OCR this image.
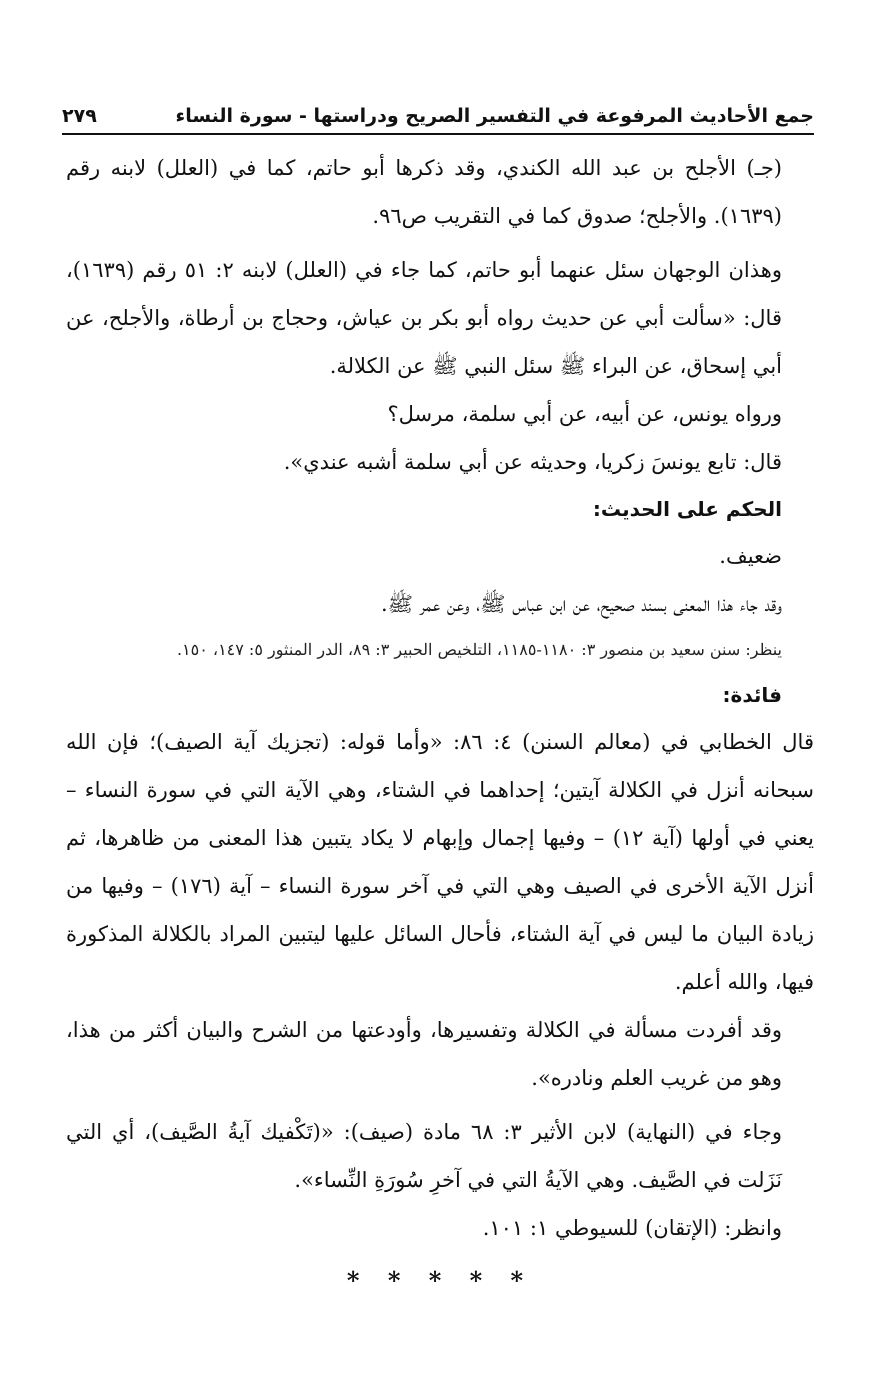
جمع الأحاديث المرفوعة في التفسير الصريح ودراستها - سورة النساء
٢٧٩

(جـ) الأجلح بن عبد الله الكندي، وقد ذكرها أبو حاتم، كما في (العلل) لابنه رقم (١٦٣٩). والأجلح؛ صدوق كما في التقريب ص٩٦.

وهذان الوجهان سئل عنهما أبو حاتم، كما جاء في (العلل) لابنه ٢: ٥١ رقم (١٦٣٩)، قال: «سألت أبي عن حديث رواه أبو بكر بن عياش، وحجاج بن أرطاة، والأجلح، عن أبي إسحاق، عن البراء ﷺ سئل النبي ﷺ عن الكلالة.

ورواه يونس، عن أبيه، عن أبي سلمة، مرسل؟

قال: تابع يونسَ زكريا، وحديثه عن أبي سلمة أشبه عندي».

الحكم على الحديث:

ضعيف.

وقد جاء هذا المعنى بسند صحيح، عن ابن عباس ﷺ، وعن عمر ﷺ.

ينظر: سنن سعيد بن منصور ٣: ١١٨٠-١١٨٥، التلخيص الحبير ٣: ٨٩، الدر المنثور ٥: ١٤٧، ١٥٠.

فائدة:

قال الخطابي في (معالم السنن) ٤: ٨٦: «وأما قوله: (تجزيك آية الصيف)؛ فإن الله سبحانه أنزل في الكلالة آيتين؛ إحداهما في الشتاء، وهي الآية التي في سورة النساء – يعني في أولها (آية ١٢) – وفيها إجمال وإبهام لا يكاد يتبين هذا المعنى من ظاهرها، ثم أنزل الآية الأخرى في الصيف وهي التي في آخر سورة النساء – آية (١٧٦) – وفيها من زيادة البيان ما ليس في آية الشتاء، فأحال السائل عليها ليتبين المراد بالكلالة المذكورة فيها، والله أعلم.

وقد أفردت مسألة في الكلالة وتفسيرها، وأودعتها من الشرح والبيان أكثر من هذا، وهو من غريب العلم ونادره».

وجاء في (النهاية) لابن الأثير ٣: ٦٨ مادة (صيف): «(تَكْفيك آيةُ الصَّيف)، أي التي نَزَلت في الصَّيف. وهي الآيةُ التي في آخرِ سُورَةِ النِّساء».

وانظر: (الإتقان) للسيوطي ١: ١٠١.

* * * * *
